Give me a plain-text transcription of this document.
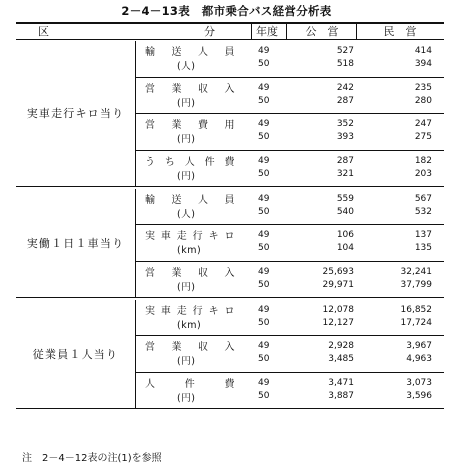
2－4－13表　都市乗合バス経営分析表
区	分	年度	公　営	民　営
実車走行キロ当り
輸 送 人 員
(人)
49	527	414
50	518	394
営 業 収 入
(円)
49	242	235
50	287	280
営 業 費 用
(円)
49	352	247
50	393	275
う ち 人 件 費
(円)
49	287	182
50	321	203
実働１日１車当り
輸 送 人 員
(人)
49	559	567
50	540	532
実 車 走 行 キ ロ
(km)
49	106	137
50	104	135
営 業 収 入
(円)
49	25,693	32,241
50	29,971	37,799
従業員１人当り
実 車 走 行 キ ロ
(km)
49	12,078	16,852
50	12,127	17,724
営 業 収 入
(円)
49	2,928	3,967
50	3,485	4,963
人	件	費
(円)
49	3,471	3,073
50	3,887	3,596
注　2－4－12表の注(1)を参照
